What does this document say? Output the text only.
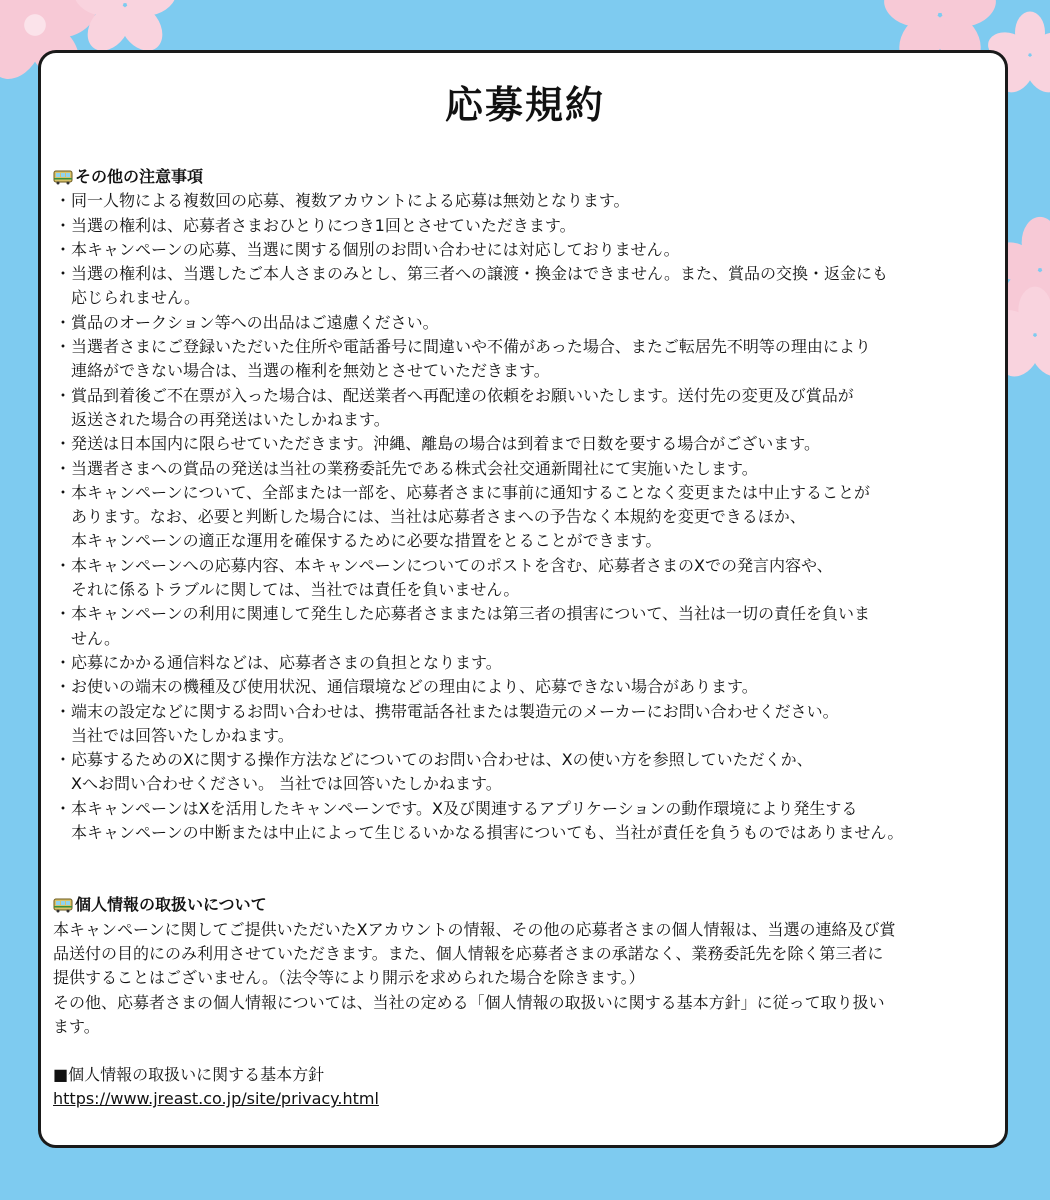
応募規約
その他の注意事項
・ 同一人物による複数回の応募、複数アカウントによる応募は無効となります。
・ 当選の権利は、応募者さまおひとりにつき1回とさせていただきます。
・ 本キャンペーンの応募、当選に関する個別のお問い合わせには対応しておりません。
・ 当選の権利は、当選したご本人さまのみとし、第三者への譲渡・換金はできません。また、賞品の交換・返金にも
応じられません。
・ 賞品のオークション等への出品はご遠慮ください。
・ 当選者さまにご登録いただいた住所や電話番号に間違いや不備があった場合、またご転居先不明等の理由により
連絡ができない場合は、当選の権利を無効とさせていただきます。
・ 賞品到着後ご不在票が入った場合は、配送業者へ再配達の依頼をお願いいたします。送付先の変更及び賞品が
返送された場合の再発送はいたしかねます。
・ 発送は日本国内に限らせていただきます。沖縄、離島の場合は到着まで日数を要する場合がございます。
・ 当選者さまへの賞品の発送は当社の業務委託先である株式会社交通新聞社にて実施いたします。
・ 本キャンペーンについて、全部または一部を、応募者さまに事前に通知することなく変更または中止することが
あります。なお、必要と判断した場合には、当社は応募者さまへの予告なく本規約を変更できるほか、
本キャンペーンの適正な運用を確保するために必要な措置をとることができます。
・ 本キャンペーンへの応募内容、本キャンペーンについてのポストを含む、応募者さまのXでの発言内容や、
それに係るトラブルに関しては、当社では責任を負いません。
・ 本キャンペーンの利用に関連して発生した応募者さままたは第三者の損害について、当社は一切の責任を負いま
せん。
・ 応募にかかる通信料などは、応募者さまの負担となります。
・ お使いの端末の機種及び使用状況、通信環境などの理由により、応募できない場合があります。
・ 端末の設定などに関するお問い合わせは、携帯電話各社または製造元のメーカーにお問い合わせください。
当社では回答いたしかねます。
・ 応募するためのXに関する操作方法などについてのお問い合わせは、Xの使い方を参照していただくか、
Xへお問い合わせください。 当社では回答いたしかねます。
・ 本キャンペーンはXを活用したキャンペーンです。X及び関連するアプリケーションの動作環境により発生する
本キャンペーンの中断または中止によって生じるいかなる損害についても、当社が責任を負うものではありません。
個人情報の取扱いについて
本キャンペーンに関してご提供いただいたXアカウントの情報、その他の応募者さまの個人情報は、当選の連絡及び賞
品送付の目的にのみ利用させていただきます。また、個人情報を応募者さまの承諾なく、業務委託先を除く第三者に
提供することはございません。（法令等により開示を求められた場合を除きます。）
その他、応募者さまの個人情報については、当社の定める「個人情報の取扱いに関する基本方針」に従って取り扱い
ます。
■個人情報の取扱いに関する基本方針
https://www.jreast.co.jp/site/privacy.html
